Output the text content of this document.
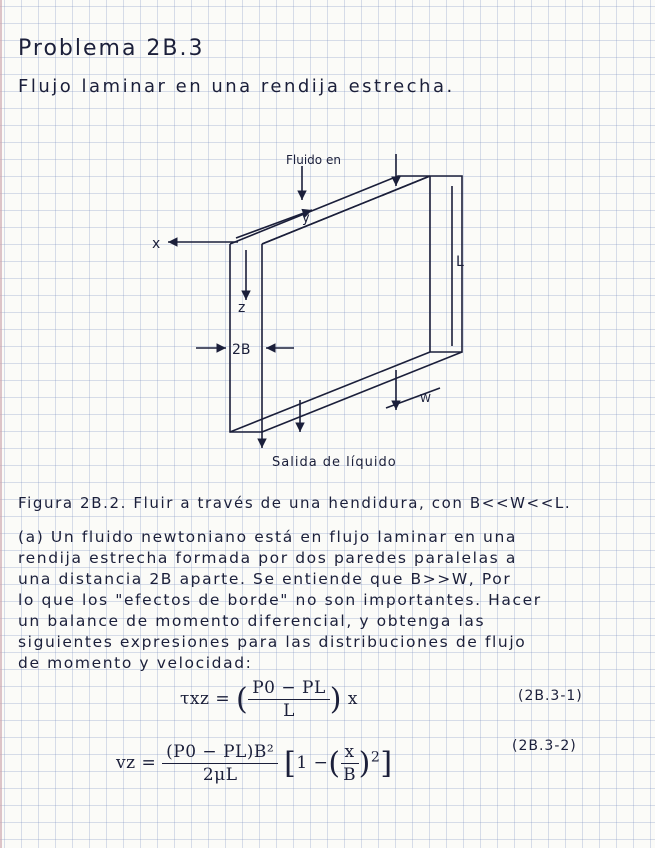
Problema 2B.3
Flujo laminar en una rendija estrecha.
Fluido en
x
y
z
L
W
2B
Salida de líquido
Figura 2B.2. Fluir a través de una hendidura, con B<<W<<L.
(a) Un fluido newtoniano está en flujo laminar en una
rendija estrecha formada por dos paredes paralelas a
una distancia 2B aparte. Se entiende que B>>W, Por
lo que los "efectos de borde" no son importantes. Hacer
un balance de momento diferencial, y obtenga las
siguientes expresiones para las distribuciones de flujo
de momento y velocidad:
τxz = ( $\frac{P0 - PL}{L}$ ) x	(2B.3-1)
vz = $\frac{\text{(P0 − PL)B²}}{2\mu L} [1$ −( $\frac{x}{B} )^2$]	(2B.3-2)
